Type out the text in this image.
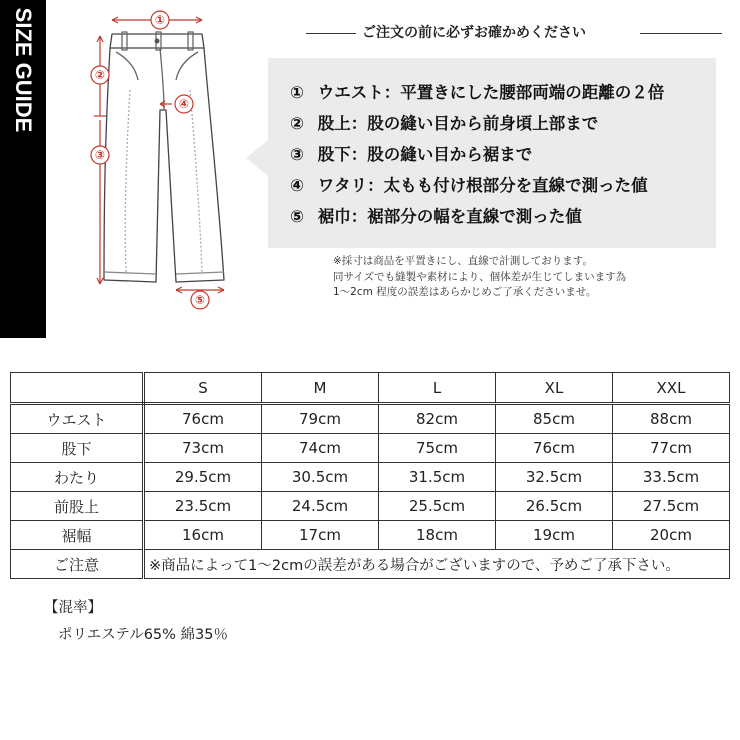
SIZE GUIDE	①
②
③
④
⑤
ご注文の前に必ずお確かめください
① ウエスト：平置きにした腰部両端の距離の２倍
② 股上：股の縫い目から前身頃上部まで
③ 股下：股の縫い目から裾まで
④ ワタリ：太もも付け根部分を直線で測った値
⑤ 裾巾：裾部分の幅を直線で測った値
※採寸は商品を平置きにし、直線で計測しております。
同サイズでも縫製や素材により、個体差が生じてしまいます為
1〜2cm 程度の誤差はあらかじめご了承くださいませ。
	S	M	L	XL	XXL
ウエスト	76cm	79cm	82cm	85cm	88cm
股下	73cm	74cm	75cm	76cm	77cm
わたり	29.5cm	30.5cm	31.5cm	32.5cm	33.5cm
前股上	23.5cm	24.5cm	25.5cm	26.5cm	27.5cm
裾幅	16cm	17cm	18cm	19cm	20cm
ご注意	※商品によって1〜2cmの誤差がある場合がございますので、予めご了承下さい。				
【混率】
ポリエステル65% 綿35％
